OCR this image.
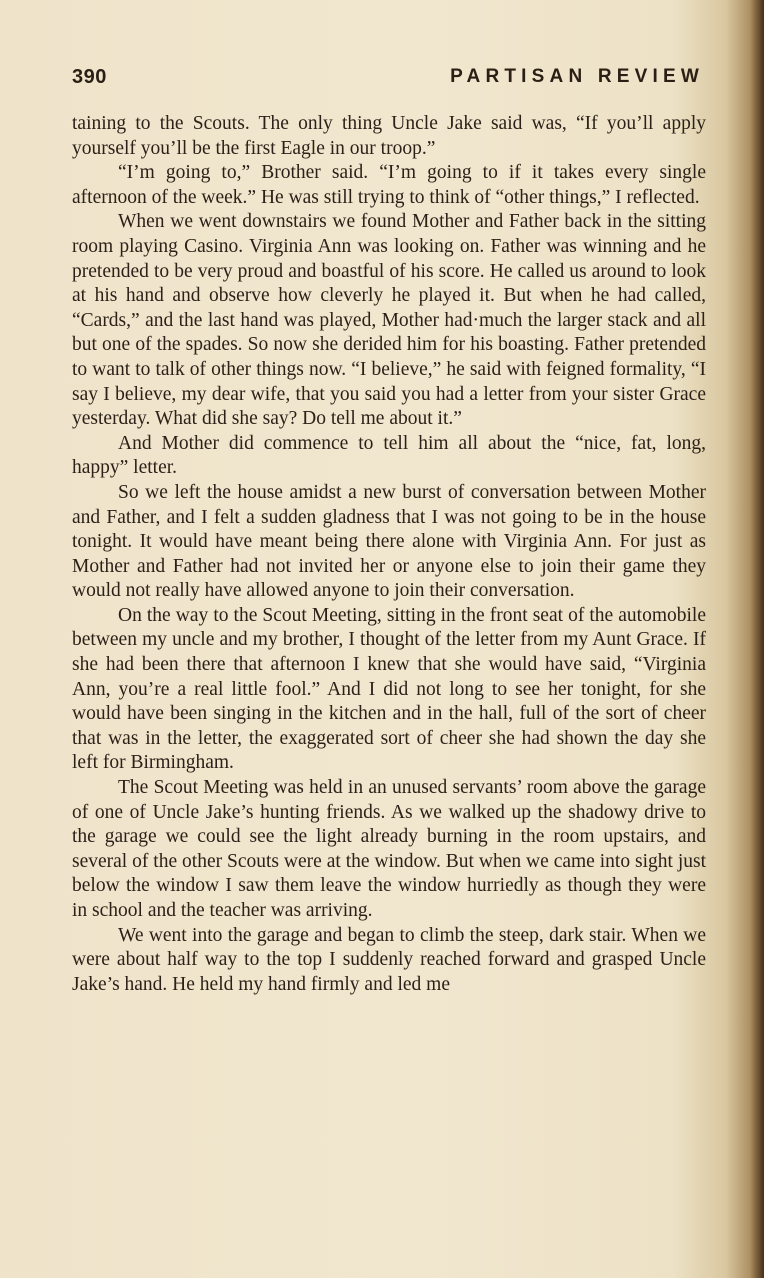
390	PARTISAN REVIEW

taining to the Scouts. The only thing Uncle Jake said was, “If you’ll apply yourself you’ll be the first Eagle in our troop.”

“I’m going to,” Brother said. “I’m going to if it takes every single afternoon of the week.” He was still trying to think of “other things,” I reflected.

When we went downstairs we found Mother and Father back in the sitting room playing Casino. Virginia Ann was looking on. Father was winning and he pretended to be very proud and boastful of his score. He called us around to look at his hand and observe how cleverly he played it. But when he had called, “Cards,” and the last hand was played, Mother had·much the larger stack and all but one of the spades. So now she derided him for his boasting. Father pretended to want to talk of other things now. “I believe,” he said with feigned formality, “I say I believe, my dear wife, that you said you had a letter from your sister Grace yesterday. What did she say? Do tell me about it.”

And Mother did commence to tell him all about the “nice, fat, long, happy” letter.

So we left the house amidst a new burst of conversation between Mother and Father, and I felt a sudden gladness that I was not going to be in the house tonight. It would have meant being there alone with Virginia Ann. For just as Mother and Father had not invited her or anyone else to join their game they would not really have allowed anyone to join their conversation.

On the way to the Scout Meeting, sitting in the front seat of the automobile between my uncle and my brother, I thought of the letter from my Aunt Grace. If she had been there that afternoon I knew that she would have said, “Virginia Ann, you’re a real little fool.” And I did not long to see her tonight, for she would have been singing in the kitchen and in the hall, full of the sort of cheer that was in the letter, the exaggerated sort of cheer she had shown the day she left for Birmingham.

The Scout Meeting was held in an unused servants’ room above the garage of one of Uncle Jake’s hunting friends. As we walked up the shadowy drive to the garage we could see the light already burning in the room upstairs, and several of the other Scouts were at the window. But when we came into sight just below the window I saw them leave the window hurriedly as though they were in school and the teacher was arriving.

We went into the garage and began to climb the steep, dark stair. When we were about half way to the top I suddenly reached forward and grasped Uncle Jake’s hand. He held my hand firmly and led me
